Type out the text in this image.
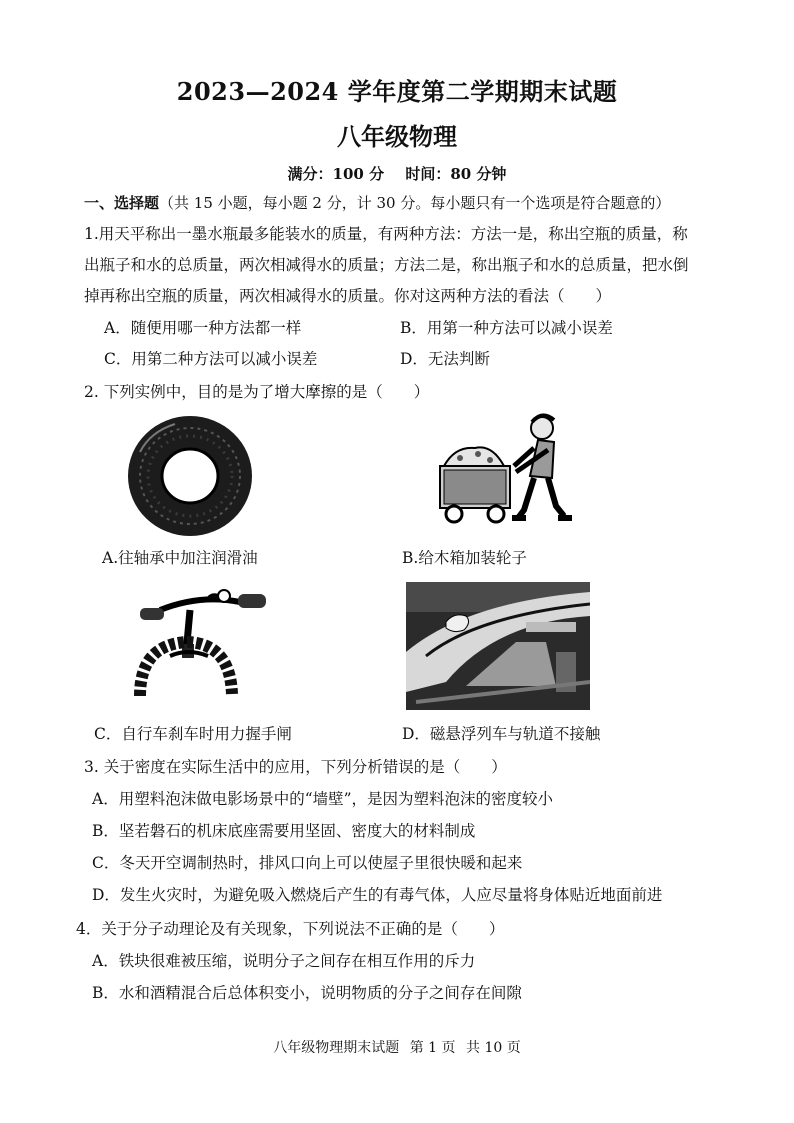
2023—2024 学年度第二学期期末试题
八年级物理
满分：100 分 时间：80 分钟
一、选择题（共 15 小题，每小题 2 分，计 30 分。每小题只有一个选项是符合题意的）
1.用天平称出一墨水瓶最多能装水的质量，有两种方法：方法一是，称出空瓶的质量，称
出瓶子和水的总质量，两次相减得水的质量；方法二是，称出瓶子和水的总质量，把水倒
掉再称出空瓶的质量，两次相减得水的质量。你对这两种方法的看法（　　）
A．随便用哪一种方法都一样	B．用第一种方法可以减小误差
C．用第二种方法可以减小误差	D．无法判断
2. 下列实例中，目的是为了增大摩擦的是（　　）
A.往轴承中加注润滑油	B.给木箱加装轮子
C．自行车刹车时用力握手闸	D．磁悬浮列车与轨道不接触
3. 关于密度在实际生活中的应用，下列分析错误的是（　　）
A．用塑料泡沫做电影场景中的“墙壁”，是因为塑料泡沫的密度较小
B．坚若磐石的机床底座需要用坚固、密度大的材料制成
C．冬天开空调制热时，排风口向上可以使屋子里很快暖和起来
D．发生火灾时，为避免吸入燃烧后产生的有毒气体，人应尽量将身体贴近地面前进
4．关于分子动理论及有关现象，下列说法不正确的是（　　）
A．铁块很难被压缩，说明分子之间存在相互作用的斥力
B．水和酒精混合后总体积变小，说明物质的分子之间存在间隙
八年级物理期末试题 第 1 页 共 10 页
